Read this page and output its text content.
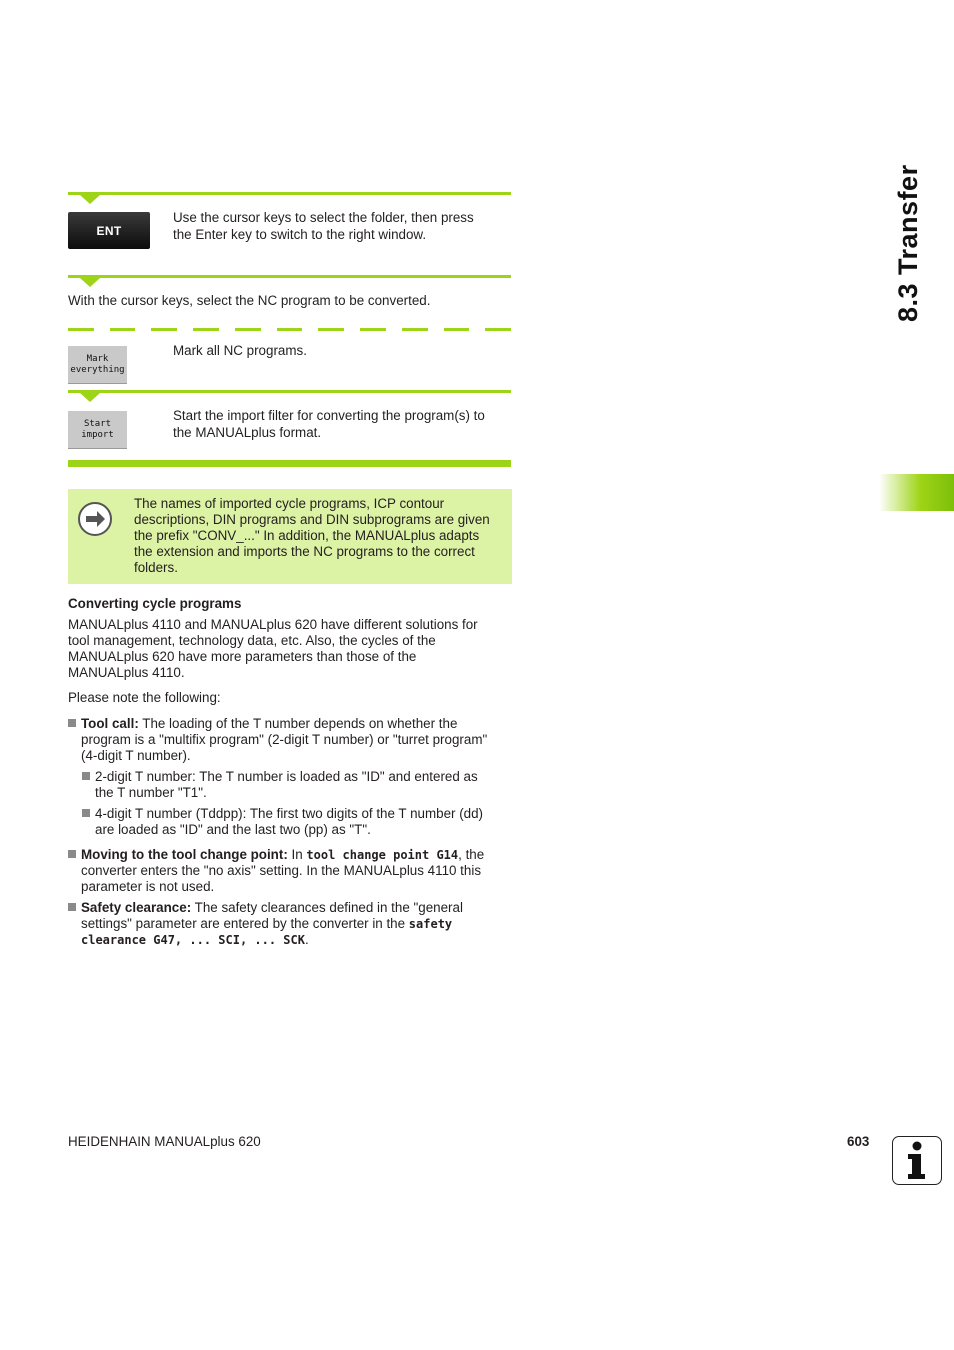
8.3 Transfer
ENT
Use the cursor keys to select the folder, then press
the Enter key to switch to the right window.
With the cursor keys, select the NC program to be converted.
Mark
everything
Mark all NC programs.
Start
import
Start the import filter for converting the program(s) to
the MANUALplus format.
The names of imported cycle programs, ICP contour
descriptions, DIN programs and DIN subprograms are given
the prefix "CONV_..." In addition, the MANUALplus adapts
the extension and imports the NC programs to the correct
folders.
Converting cycle programs
MANUALplus 4110 and MANUALplus 620 have different solutions for
tool management, technology data, etc. Also, the cycles of the
MANUALplus 620 have more parameters than those of the
MANUALplus 4110.
Please note the following:
Tool call: The loading of the T number depends on whether the
program is a "multifix program" (2-digit T number) or "turret program"
(4-digit T number).
2-digit T number: The T number is loaded as "ID" and entered as
the T number "T1".
4-digit T number (Tddpp): The first two digits of the T number (dd)
are loaded as "ID" and the last two (pp) as "T".
Moving to the tool change point: In tool change point G14, the
converter enters the "no axis" setting. In the MANUALplus 4110 this
parameter is not used.
Safety clearance: The safety clearances defined in the "general
settings" parameter are entered by the converter in the safety
clearance G47, ... SCI, ... SCK.
HEIDENHAIN MANUALplus 620	603
